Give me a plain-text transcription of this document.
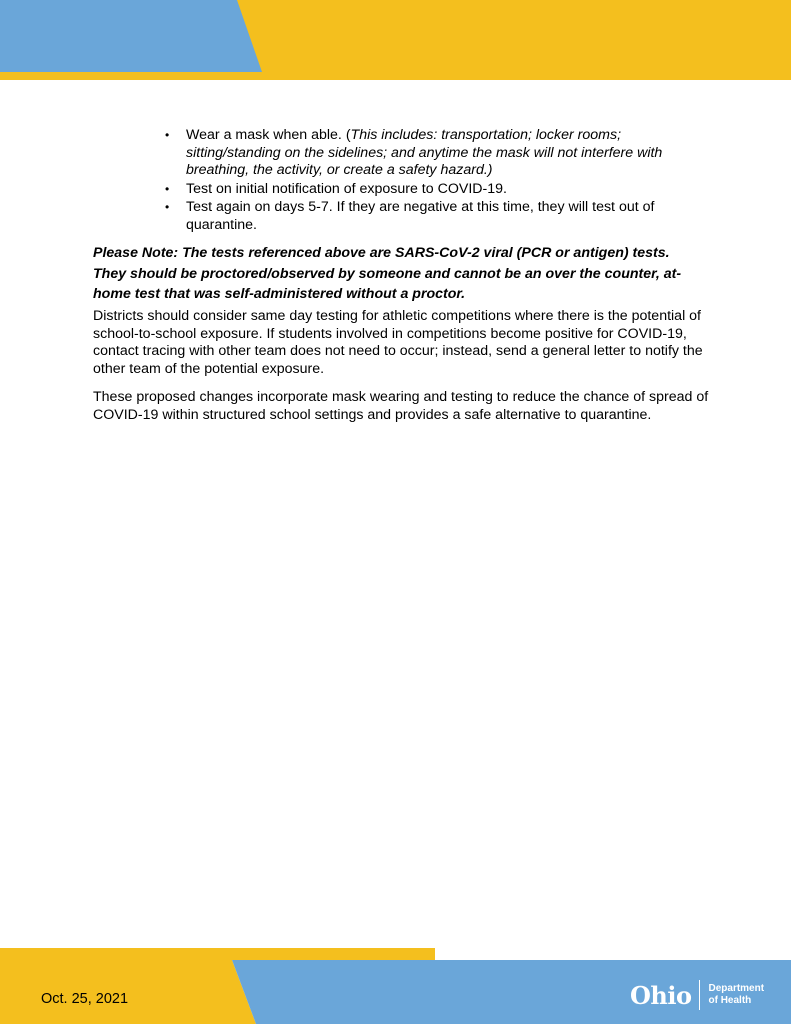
• Wear a mask when able. (This includes: transportation; locker rooms; sitting/standing on the sidelines; and anytime the mask will not interfere with breathing, the activity, or create a safety hazard.)
• Test on initial notification of exposure to COVID-19.
• Test again on days 5-7. If they are negative at this time, they will test out of quarantine.
Please Note: The tests referenced above are SARS-CoV-2 viral (PCR or antigen) tests. They should be proctored/observed by someone and cannot be an over the counter, at-home test that was self-administered without a proctor.
Districts should consider same day testing for athletic competitions where there is the potential of school-to-school exposure. If students involved in competitions become positive for COVID-19, contact tracing with other team does not need to occur; instead, send a general letter to notify the other team of the potential exposure.
These proposed changes incorporate mask wearing and testing to reduce the chance of spread of COVID-19 within structured school settings and provides a safe alternative to quarantine.
Oct. 25, 2021	Ohio Department
of Health
